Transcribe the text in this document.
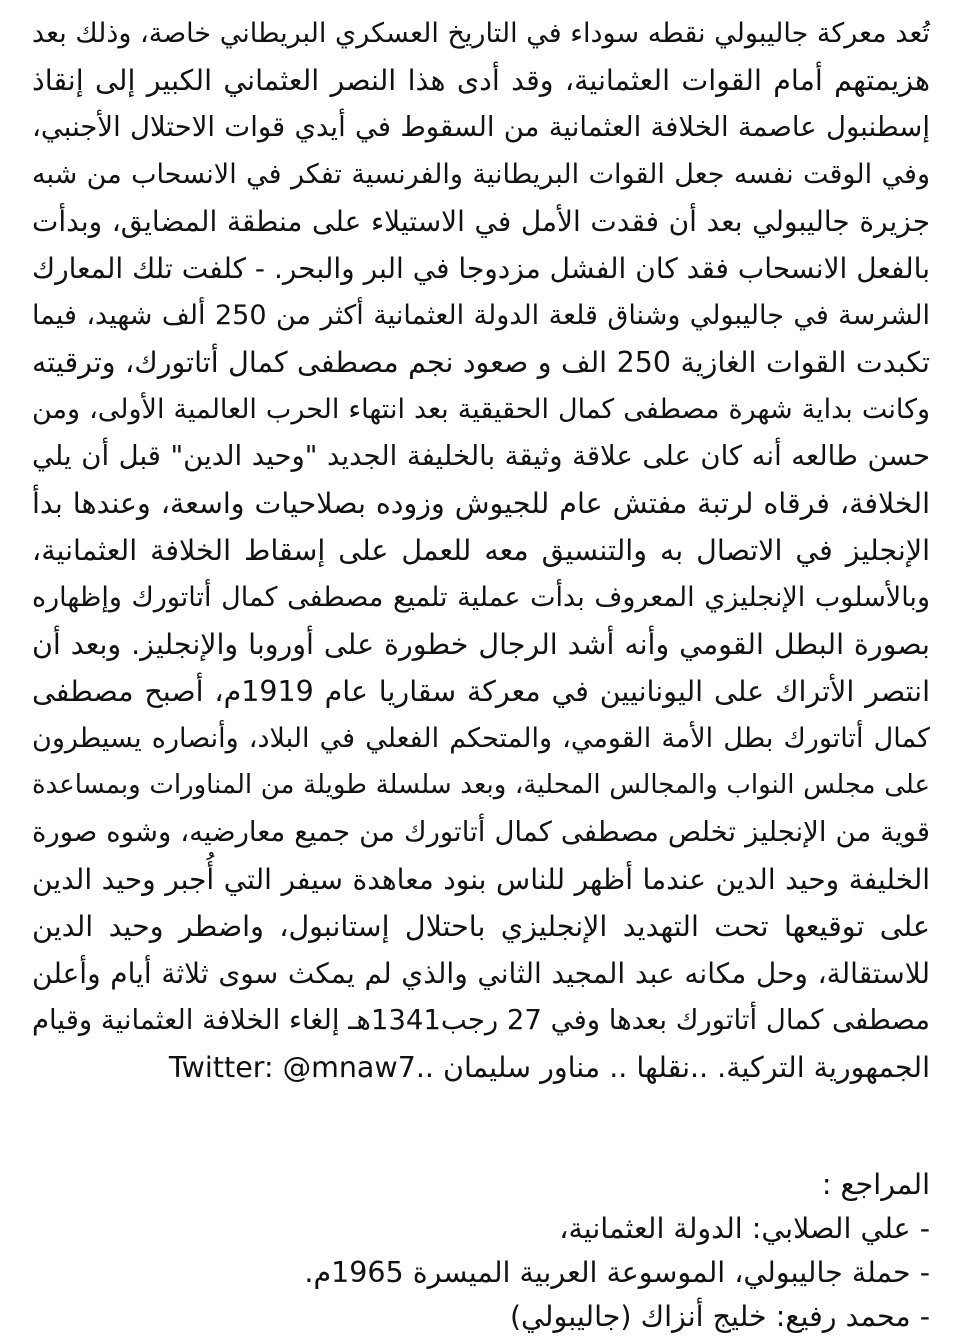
تُعد معركة جاليبولي نقطه سوداء في التاريخ العسكري البريطاني خاصة، وذلك بعد
هزيمتهم أمام القوات العثمانية، وقد أدى هذا النصر العثماني الكبير إلى إنقاذ
إسطنبول عاصمة الخلافة العثمانية من السقوط في أيدي قوات الاحتلال الأجنبي،
وفي الوقت نفسه جعل القوات البريطانية والفرنسية تفكر في الانسحاب من شبه
جزيرة جاليبولي بعد أن فقدت الأمل في الاستيلاء على منطقة المضايق، وبدأت
بالفعل الانسحاب فقد كان الفشل مزدوجا في البر والبحر. - كلفت تلك المعارك
الشرسة في جاليبولي وشناق قلعة الدولة العثمانية أكثر من 250 ألف شهيد، فيما
تكبدت القوات الغازية 250 الف و صعود نجم مصطفى كمال أتاتورك، وترقيته
وكانت بداية شهرة مصطفى كمال الحقيقية بعد انتهاء الحرب العالمية الأولى، ومن
حسن طالعه أنه كان على علاقة وثيقة بالخليفة الجديد "وحيد الدين" قبل أن يلي
الخلافة، فرقاه لرتبة مفتش عام للجيوش وزوده بصلاحيات واسعة، وعندها بدأ
الإنجليز في الاتصال به والتنسيق معه للعمل على إسقاط الخلافة العثمانية،
وبالأسلوب الإنجليزي المعروف بدأت عملية تلميع مصطفى كمال أتاتورك وإظهاره
بصورة البطل القومي وأنه أشد الرجال خطورة على أوروبا والإنجليز. وبعد أن
انتصر الأتراك على اليونانيين في معركة سقاريا عام 1919م، أصبح مصطفى
كمال أتاتورك بطل الأمة القومي، والمتحكم الفعلي في البلاد، وأنصاره يسيطرون
على مجلس النواب والمجالس المحلية، وبعد سلسلة طويلة من المناورات وبمساعدة
قوية من الإنجليز تخلص مصطفى كمال أتاتورك من جميع معارضيه، وشوه صورة
الخليفة وحيد الدين عندما أظهر للناس بنود معاهدة سيفر التي أُجبر وحيد الدين
على توقيعها تحت التهديد الإنجليزي باحتلال إستانبول، واضطر وحيد الدين
للاستقالة، وحل مكانه عبد المجيد الثاني والذي لم يمكث سوى ثلاثة أيام وأعلن
مصطفى كمال أتاتورك بعدها وفي 27 رجب1341هـ إلغاء الخلافة العثمانية وقيام
الجمهورية التركية. ..نقلها .. مناور سليمان ..Twitter: @mnaw7
المراجع :
- علي الصلابي: الدولة العثمانية،
- حملة جاليبولي، الموسوعة العربية الميسرة 1965م.
- محمد رفيع: خليج أنزاك (جاليبولي)
